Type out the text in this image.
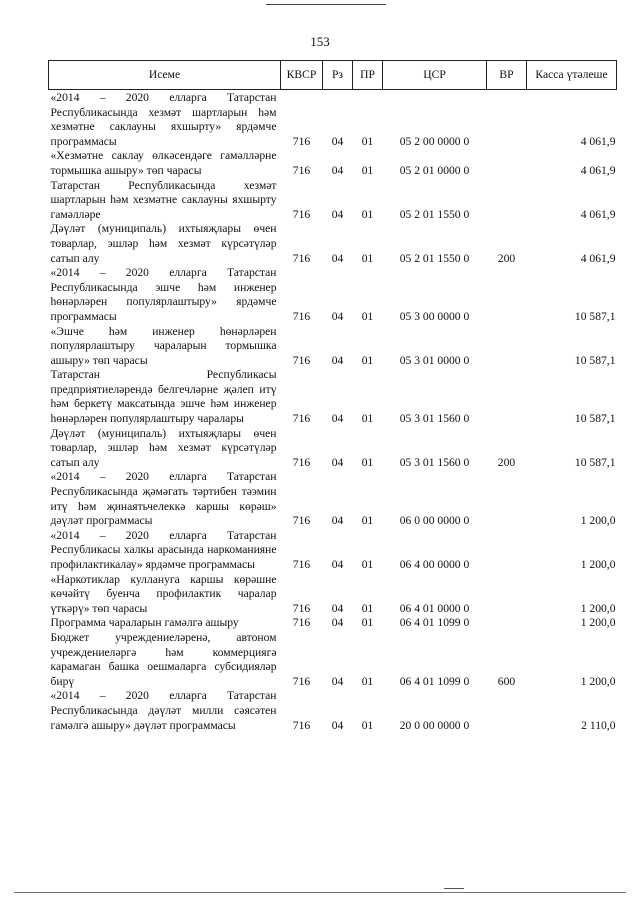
153
Исеме	КВСР	Рз	ПР	ЦСР	ВР	Касса үтәлеше
«2014 – 2020 елларга Татарстан Республикасында хезмәт шартларын һәм хезмәтне саклауны яхшырту» ярдәмче программасы	716	04	01	05 2 00 0000 0		4 061,9
«Хезмәтне саклау өлкәсендәге гамәлләрне тормышка ашыру» төп чарасы	716	04	01	05 2 01 0000 0		4 061,9
Татарстан Республикасында хезмәт шартларын һәм хезмәтне саклауны яхшырту гамәлләре	716	04	01	05 2 01 1550 0		4 061,9
Дәүләт (муниципаль) ихтыяҗлары өчен товарлар, эшләр һәм хезмәт күрсәтүләр сатып алу	716	04	01	05 2 01 1550 0	200	4 061,9
«2014 – 2020 елларга Татарстан Республикасында эшче һәм инженер һөнәрләрен популярлаштыру» ярдәмче программасы	716	04	01	05 3 00 0000 0		10 587,1
«Эшче һәм инженер һөнәрләрен популярлаштыру чараларын тормышка ашыру» төп чарасы	716	04	01	05 3 01 0000 0		10 587,1
Татарстан Республикасы предприятиеләрендә белгечләрне җәлеп итү һәм беркетү максатында эшче һәм инженер һөнәрләрен популярлаштыру чаралары	716	04	01	05 3 01 1560 0		10 587,1
Дәүләт (муниципаль) ихтыяҗлары өчен товарлар, эшләр һәм хезмәт күрсәтүләр сатып алу	716	04	01	05 3 01 1560 0	200	10 587,1
«2014 – 2020 елларга Татарстан Республикасында җәмәгать тәртибен тәэмин итү һәм җинаятьчелеккә каршы көрәш» дәүләт программасы	716	04	01	06 0 00 0000 0		1 200,0
«2014 – 2020 елларга Татарстан Республикасы халкы арасында наркоманияне профилактикалау» ярдәмче программасы	716	04	01	06 4 00 0000 0		1 200,0
«Наркотиклар кулланугa каршы көрәшне көчәйтү буенча профилактик чаралар үткәрү» төп чарасы	716	04	01	06 4 01 0000 0		1 200,0
Программа чараларын гамәлгә ашыру	716	04	01	06 4 01 1099 0		1 200,0
Бюджет учреждениеләренә, автоном учреждениеләргә һәм коммерциягә карамаган башка оешмаларга субсидияләр бирү	716	04	01	06 4 01 1099 0	600	1 200,0
«2014 – 2020 елларга Татарстан Республикасында дәүләт милли сәясәтен гамәлгә ашыру» дәүләт программасы	716	04	01	20 0 00 0000 0		2 110,0
